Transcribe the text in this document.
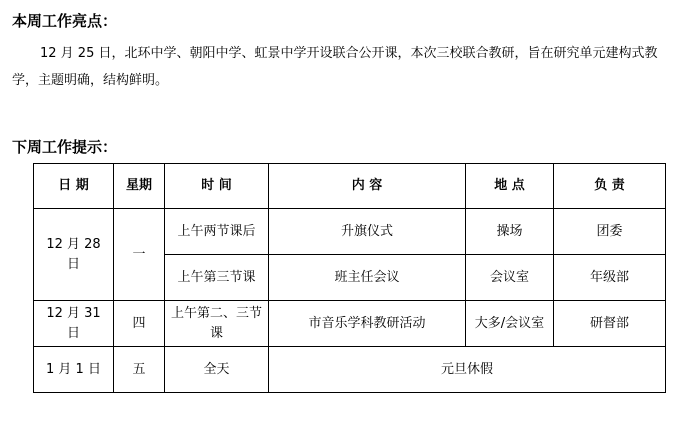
本周工作亮点：

12 月 25 日，北环中学、朝阳中学、虹景中学开设联合公开课，本次三校联合教研，旨在研究单元建构式教学，主题明确，结构鲜明。

下周工作提示：
日 期	星期	时 间	内 容	地 点	负 责
12 月 28 日	一	上午两节课后	升旗仪式	操场	团委
		上午第三节课	班主任会议	会议室	年级部
12 月 31 日	四	上午第二、三节课	市音乐学科教研活动	大多/会议室	研督部
1 月 1 日	五	全天	元旦休假		
